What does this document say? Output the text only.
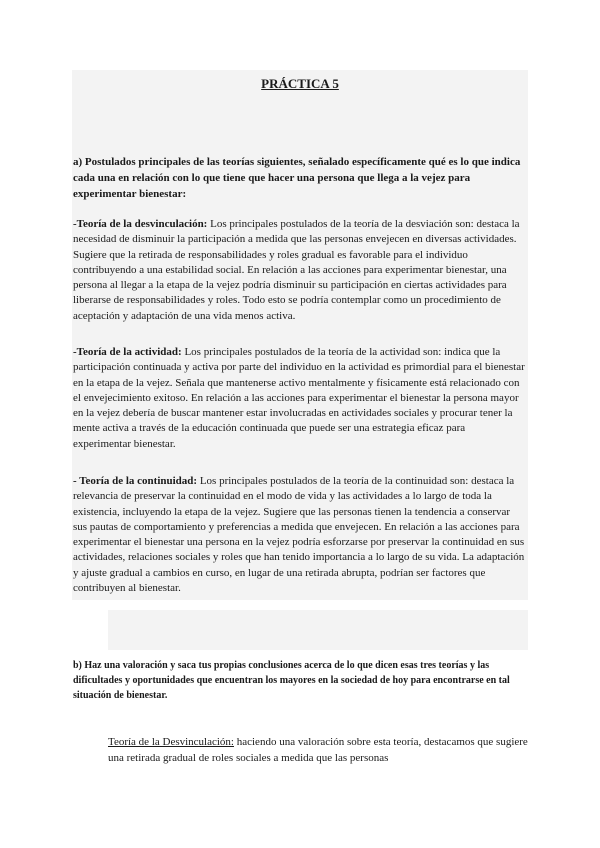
PRÁCTICA 5
a) Postulados principales de las teorías siguientes, señalado específicamente qué es lo que indica cada una en relación con lo que tiene que hacer una persona que llega a la vejez para experimentar bienestar:
-Teoría de la desvinculación: Los principales postulados de la teoría de la desviación son: destaca la necesidad de disminuir la participación a medida que las personas envejecen en diversas actividades. Sugiere que la retirada de responsabilidades y roles gradual es favorable para el individuo contribuyendo a una estabilidad social. En relación a las acciones para experimentar bienestar, una persona al llegar a la etapa de la vejez podría disminuir su participación en ciertas actividades para liberarse de responsabilidades y roles. Todo esto se podría contemplar como un procedimiento de aceptación y adaptación de una vida menos activa.
-Teoría de la actividad: Los principales postulados de la teoría de la actividad son: indica que la participación continuada y activa por parte del individuo en la actividad es primordial para el bienestar en la etapa de la vejez. Señala que mantenerse activo mentalmente y físicamente está relacionado con el envejecimiento exitoso. En relación a las acciones para experimentar el bienestar la persona mayor en la vejez debería de buscar mantener estar involucradas en actividades sociales y procurar tener la mente activa a través de la educación continuada que puede ser una estrategia eficaz para experimentar bienestar.
- Teoría de la continuidad: Los principales postulados de la teoría de la continuidad son: destaca la relevancia de preservar la continuidad en el modo de vida y las actividades a lo largo de toda la existencia, incluyendo la etapa de la vejez. Sugiere que las personas tienen la tendencia a conservar sus pautas de comportamiento y preferencias a medida que envejecen. En relación a las acciones para experimentar el bienestar una persona en la vejez podría esforzarse por preservar la continuidad en sus actividades, relaciones sociales y roles que han tenido importancia a lo largo de su vida. La adaptación y ajuste gradual a cambios en curso, en lugar de una retirada abrupta, podrían ser factores que contribuyen al bienestar.
b) Haz una valoración y saca tus propias conclusiones acerca de lo que dicen esas tres teorías y las dificultades y oportunidades que encuentran los mayores en la sociedad de hoy para encontrarse en tal situación de bienestar.
Teoría de la Desvinculación: haciendo una valoración sobre esta teoría, destacamos que sugiere una retirada gradual de roles sociales a medida que las personas
